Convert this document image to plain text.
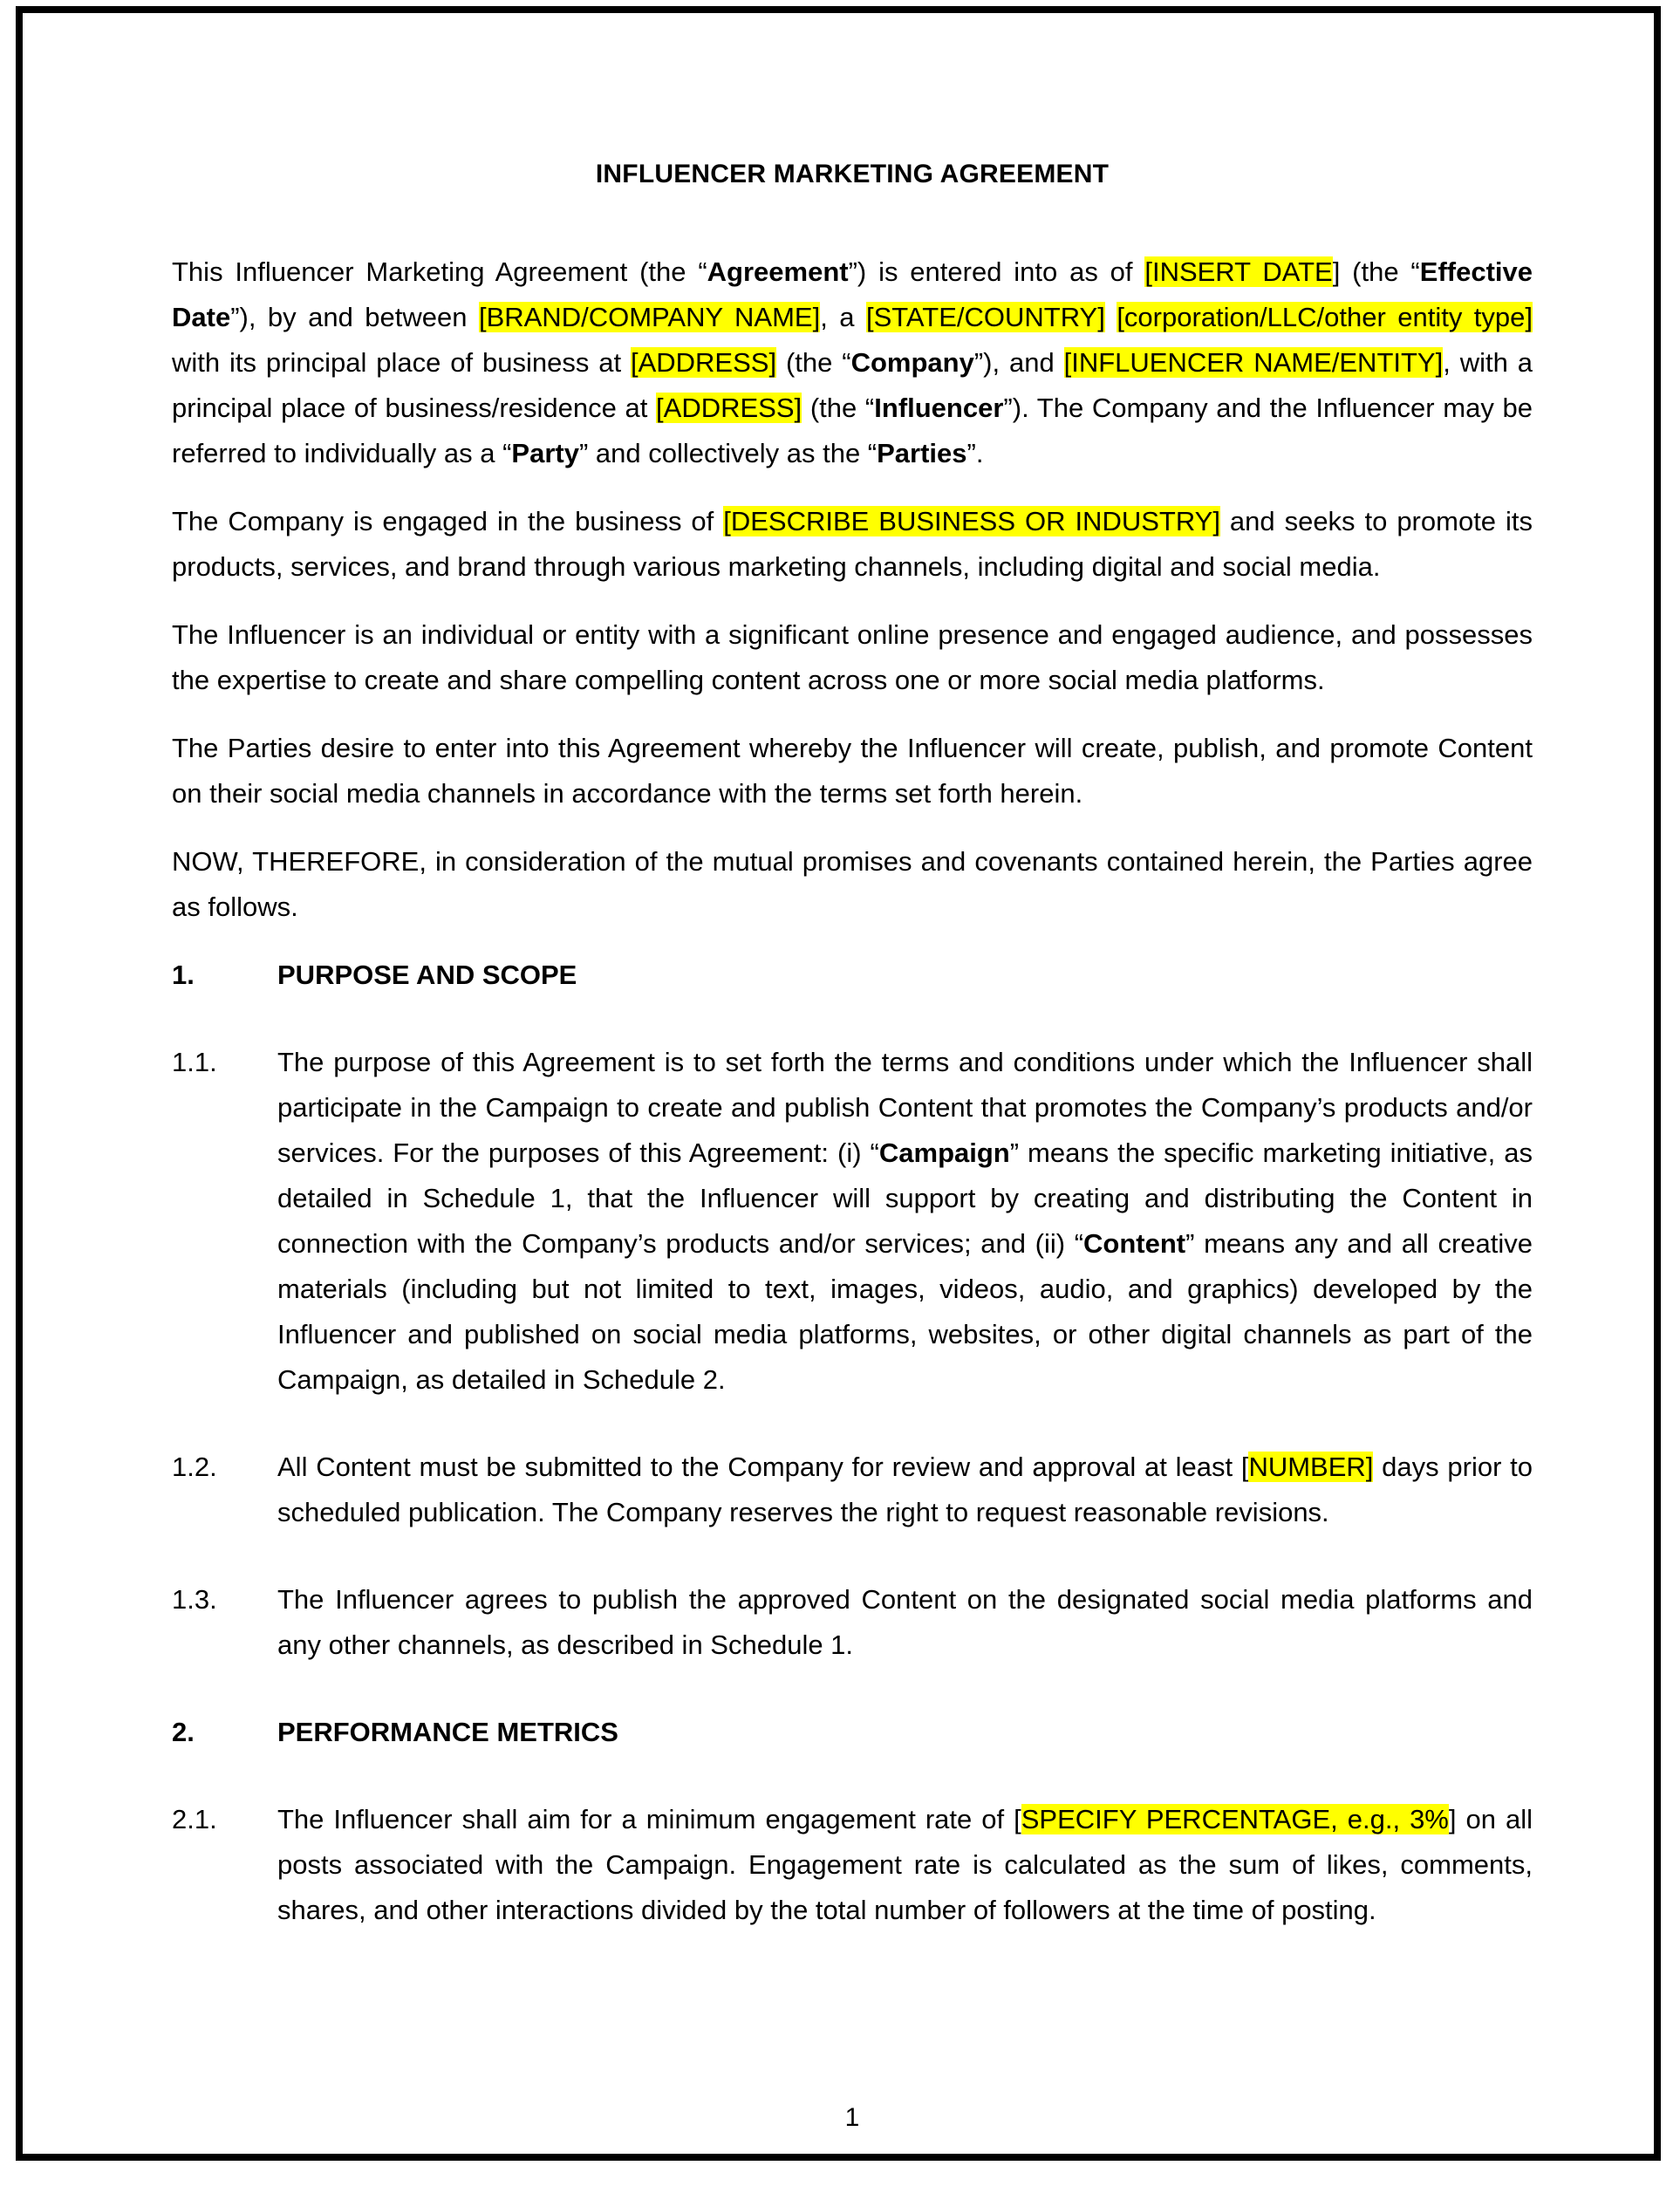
INFLUENCER MARKETING AGREEMENT

This Influencer Marketing Agreement (the “Agreement”) is entered into as of [INSERT DATE] (the “Effective Date”), by and between [BRAND/COMPANY NAME], a [STATE/COUNTRY] [corporation/LLC/other entity type] with its principal place of business at [ADDRESS] (the “Company”), and [INFLUENCER NAME/ENTITY], with a principal place of business/residence at [ADDRESS] (the “Influencer”). The Company and the Influencer may be referred to individually as a “Party” and collectively as the “Parties”.

The Company is engaged in the business of [DESCRIBE BUSINESS OR INDUSTRY] and seeks to promote its products, services, and brand through various marketing channels, including digital and social media.

The Influencer is an individual or entity with a significant online presence and engaged audience, and possesses the expertise to create and share compelling content across one or more social media platforms.

The Parties desire to enter into this Agreement whereby the Influencer will create, publish, and promote Content on their social media channels in accordance with the terms set forth herein.

NOW, THEREFORE, in consideration of the mutual promises and covenants contained herein, the Parties agree as follows.

1.	PURPOSE AND SCOPE
1.1. The purpose of this Agreement is to set forth the terms and conditions under which the Influencer shall participate in the Campaign to create and publish Content that promotes the Company’s products and/or services. For the purposes of this Agreement: (i) “Campaign” means the specific marketing initiative, as detailed in Schedule 1, that the Influencer will support by creating and distributing the Content in connection with the Company’s products and/or services; and (ii) “Content” means any and all creative materials (including but not limited to text, images, videos, audio, and graphics) developed by the Influencer and published on social media platforms, websites, or other digital channels as part of the Campaign, as detailed in Schedule 2.
1.2. All Content must be submitted to the Company for review and approval at least [NUMBER] days prior to scheduled publication. The Company reserves the right to request reasonable revisions.
1.3. The Influencer agrees to publish the approved Content on the designated social media platforms and any other channels, as described in Schedule 1.
2.	PERFORMANCE METRICS
2.1. The Influencer shall aim for a minimum engagement rate of [SPECIFY PERCENTAGE, e.g., 3%] on all posts associated with the Campaign. Engagement rate is calculated as the sum of likes, comments, shares, and other interactions divided by the total number of followers at the time of posting.
1
